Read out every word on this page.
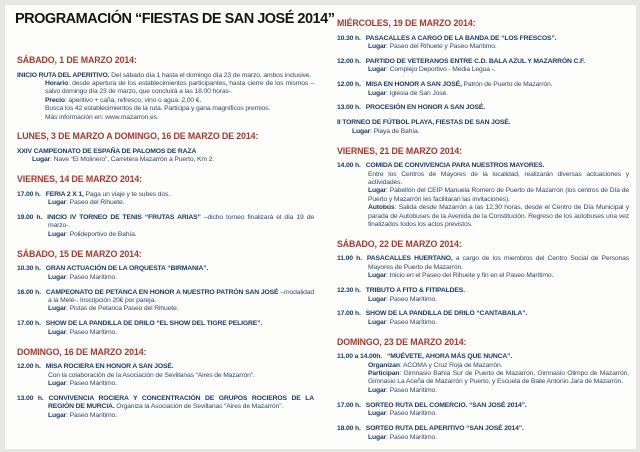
PROGRAMACIÓN “FIESTAS DE SAN JOSÉ 2014”
SÁBADO, 1 DE MARZO 2014:
INICIO RUTA DEL APERITIVO. Del sábado día 1 hasta el domingo día 23 de marzo, ambos inclusive.
Horario: desde apertura de los establecimientos participantes, hasta cierre de los mismos –salvo domingo día 23 de marzo, que concluirá a las 18.00 horas-.
Precio: aperitivo + caña, refresco, vino o agua. 2,00 €.
Busca los 42 establecimientos de la ruta. Participa y gana magníficos premios.
Más información en: www.mazarron.es.
LUNES, 3 DE MARZO A DOMINGO, 16 DE MARZO DE 2014:
XXIV CAMPEONATO DE ESPAÑA DE PALOMOS DE RAZA
Lugar: Nave “El Molinero”, Carretera Mazarrón a Puerto, Km 2.
VIERNES, 14 DE MARZO 2014:
17.00 h. FERIA 2 X 1, Paga un viaje y te subes dos.
Lugar: Paseo del Rihuete.
19.00 h. INICIO IV TORNEO DE TENIS “FRUTAS ARIAS” –dicho torneo finalizará el día 19 de marzo-.
Lugar: Polideportivo de Bahía.
SÁBADO, 15 DE MARZO 2014:
10.30 h. GRAN ACTUACIÓN DE LA ORQUESTA “BIRMANIA”.
Lugar: Paseo Marítimo.
16.00 h. CAMPEONATO DE PETANCA EN HONOR A NUESTRO PATRÓN SAN JOSÉ –modalidad a la Melé-. Inscripción 20€ por pareja.
Lugar: Pistas de Petanca Paseo del Rihuete.
17.00 h. SHOW DE LA PANDILLA DE DRILO “EL SHOW DEL TIGRE PELIGRE”.
Lugar: Paseo Marítimo.
DOMINGO, 16 DE MARZO 2014:
12.00 h. MISA ROCIERA EN HONOR A SAN JOSÉ.
Con la colaboración de la Asociación de Sevillanas “Aires de Mazarrón”.
Lugar: Paseo Marítimo.
13.00 h. CONVIVENCIA ROCIERA Y CONCENTRACIÓN DE GRUPOS ROCIEROS DE LA REGIÓN DE MURCIA. Organiza la Asociación de Sevillanas “Aires de Mazarrón”.
Lugar: Paseo Marítimo.
MIÉRCOLES, 19 DE MARZO 2014:
10.30 h. PASACALLES A CARGO DE LA BANDA DE “LOS FRESCOS”.
Lugar: Paseo del Rihuete y Paseo Marítimo.
12.00 h. PARTIDO DE VETERANOS ENTRE C.D. BALA AZUL Y MAZARRÓN C.F.
Lugar: Complejo Deportivo - Media Legua -.
12.00 h. MISA EN HONOR A SAN JOSÉ, Patrón de Puerto de Mazarrón.
Lugar: Iglesia de San José.
13.00 h. PROCESIÓN EN HONOR A SAN JOSÉ.
II TORNEO DE FÚTBOL PLAYA, FIESTAS DE SAN JOSÉ.
Lugar: Playa de Bahía.
VIERNES, 21 DE MARZO 2014:
14.00 h. COMIDA DE CONVIVENCIA PARA NUESTROS MAYORES.
Entre los Centros de Mayores de la localidad, realizarán diversas actuaciones y actividades.
Lugar: Pabellón del CEIP Manuela Romero de Puerto de Mazarrón (los centros de Día de Puerto y Mazarrón les facilitaran las invitaciones).
Autobús: Salida desde Mazarrón a las 12,30 horas, desde el Centro de Día Municipal y parada de Autobuses de la Avenida de la Constitución. Regreso de los autobuses una vez finalizados todos los actos previstos.
SÁBADO, 22 DE MARZO 2014:
11.00 h. PASACALLES HUERTANO, a cargo de los miembros del Centro Social de Personas Mayores de Puerto de Mazarrón.
Lugar: Inicio en el Paseo del Rihuete y fin en el Paseo Marítimo.
12.30 h. TRIBUTO A FITO & FITIPALDES.
Lugar: Paseo Marítimo.
17.00 h. SHOW DE LA PANDILLA DE DRILO “CANTABAILA”.
Lugar: Paseo Marítimo.
DOMINGO, 23 DE MARZO 2014:
11.00 a 14.00h. “MUÉVETE, AHORA MÁS QUE NUNCA”.
Organizan: ACOMA y Cruz Roja de Mazarrón.
Participan: Gimnasio Bahía Sur de Puerto de Mazarrón, Gimnasio Olimpo de Mazarrón, Gimnasio La Aceña de Mazarrón y Puerto, y Escuela de Baile Antonio Jara de Mazarrón.
Lugar: Paseo Marítimo.
17.00 h. SORTEO RUTA DEL COMERCIO. “SAN JOSÉ 2014”.
Lugar: Paseo Marítimo.
18.00 h. SORTEO RUTA DEL APERITIVO “SAN JOSÉ 2014”.
Lugar: Paseo Marítimo.
